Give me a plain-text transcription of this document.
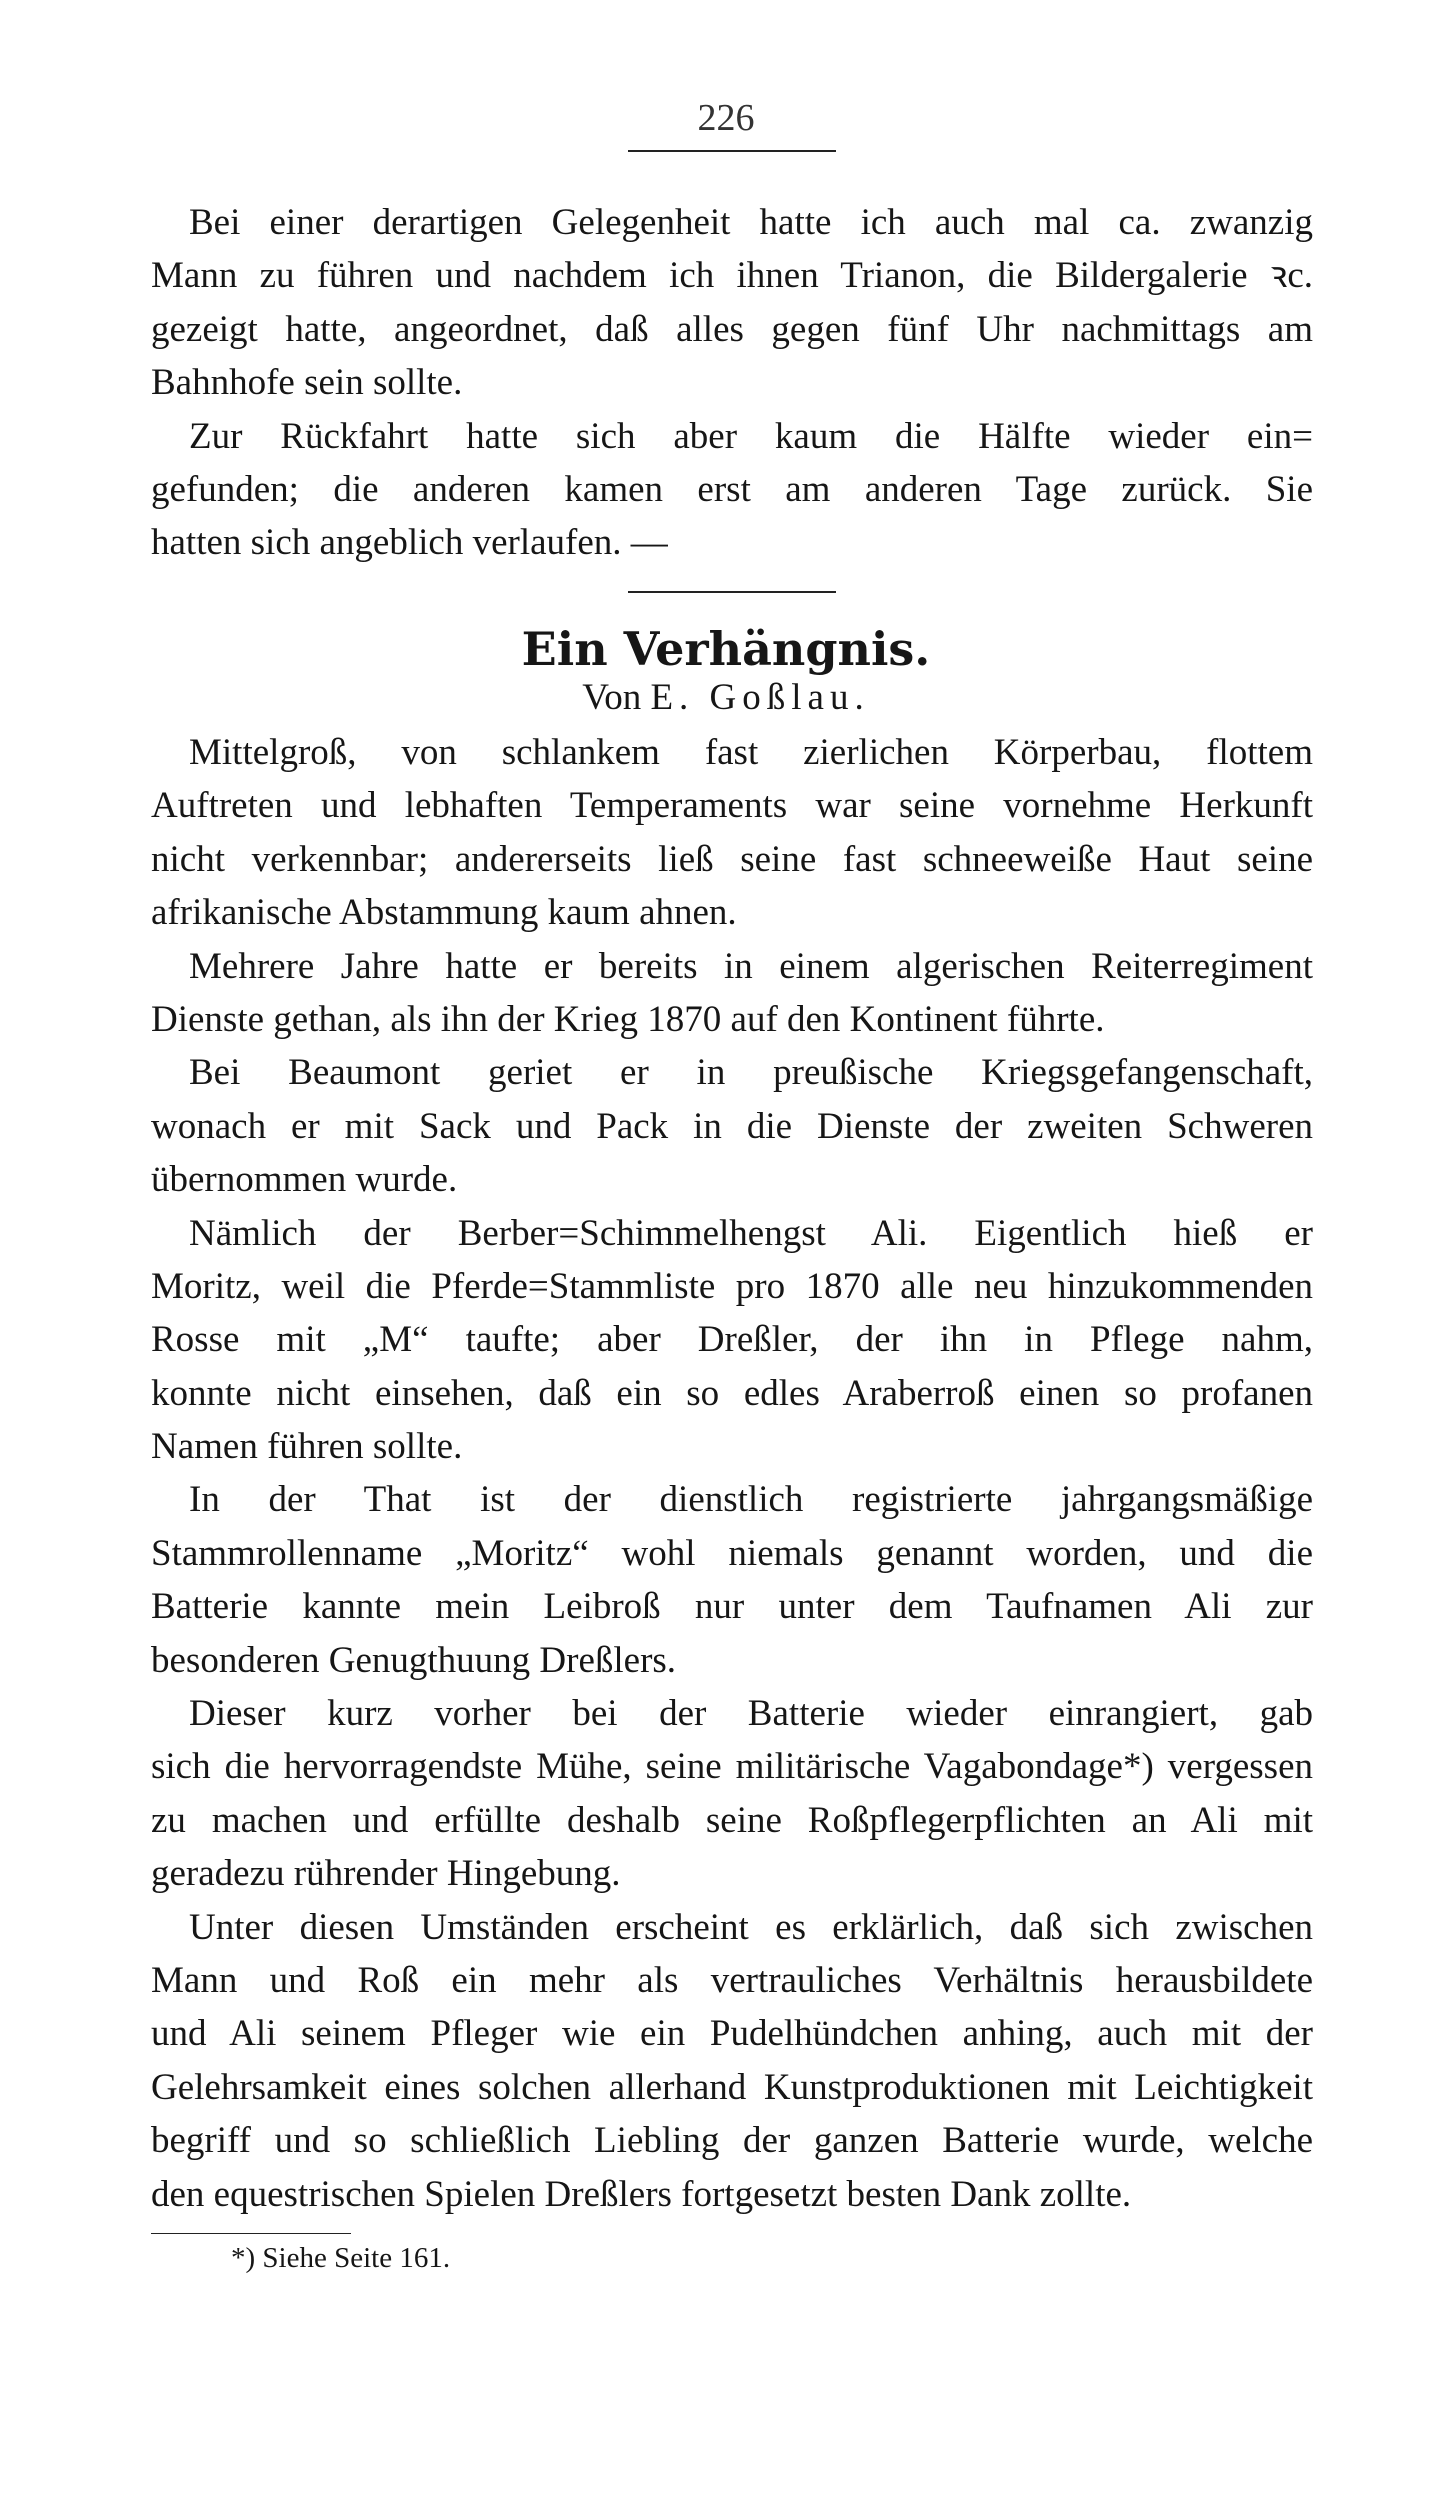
226
Bei einer derartigen Gelegenheit hatte ich auch mal ca. zwanzig
Mann zu führen und nachdem ich ihnen Trianon, die Bildergalerie ꝛc.
gezeigt hatte, angeordnet, daß alles gegen fünf Uhr nachmittags am
Bahnhofe sein sollte.
Zur Rückfahrt hatte sich aber kaum die Hälfte wieder ein=
gefunden; die anderen kamen erst am anderen Tage zurück. Sie
hatten sich angeblich verlaufen. —
Ein Verhängnis.
Von E. Goßlau.
Mittelgroß, von schlankem fast zierlichen Körperbau, flottem
Auftreten und lebhaften Temperaments war seine vornehme Herkunft
nicht verkennbar; andererseits ließ seine fast schneeweiße Haut seine
afrikanische Abstammung kaum ahnen.
Mehrere Jahre hatte er bereits in einem algerischen Reiterregiment
Dienste gethan, als ihn der Krieg 1870 auf den Kontinent führte.
Bei Beaumont geriet er in preußische Kriegsgefangenschaft,
wonach er mit Sack und Pack in die Dienste der zweiten Schweren
übernommen wurde.
Nämlich der Berber=Schimmelhengst Ali. Eigentlich hieß er
Moritz, weil die Pferde=Stammliste pro 1870 alle neu hinzukommenden
Rosse mit „M“ taufte; aber Dreßler, der ihn in Pflege nahm,
konnte nicht einsehen, daß ein so edles Araberroß einen so profanen
Namen führen sollte.
In der That ist der dienstlich registrierte jahrgangsmäßige
Stammrollenname „Moritz“ wohl niemals genannt worden, und die
Batterie kannte mein Leibroß nur unter dem Taufnamen Ali zur
besonderen Genugthuung Dreßlers.
Dieser kurz vorher bei der Batterie wieder einrangiert, gab
sich die hervorragendste Mühe, seine militärische Vagabondage*) vergessen
zu machen und erfüllte deshalb seine Roßpflegerpflichten an Ali mit
geradezu rührender Hingebung.
Unter diesen Umständen erscheint es erklärlich, daß sich zwischen
Mann und Roß ein mehr als vertrauliches Verhältnis herausbildete
und Ali seinem Pfleger wie ein Pudelhündchen anhing, auch mit der
Gelehrsamkeit eines solchen allerhand Kunstproduktionen mit Leichtigkeit
begriff und so schließlich Liebling der ganzen Batterie wurde, welche
den equestrischen Spielen Dreßlers fortgesetzt besten Dank zollte.
*) Siehe Seite 161.
